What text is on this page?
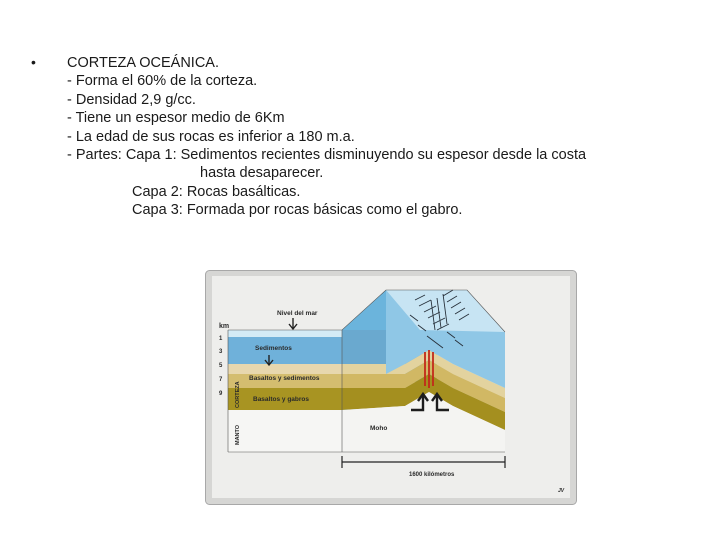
• CORTEZA OCEÁNICA.
- Forma el 60% de la corteza.
- Densidad 2,9 g/cc.
- Tiene un espesor medio de 6Km
- La edad de sus rocas es inferior a 180 m.a.
- Partes: Capa 1: Sedimentos recientes disminuyendo su espesor desde la costa
hasta desaparecer.
Capa 2: Rocas basálticas.
Capa 3: Formada por rocas básicas como el gabro.
km
1
3
5
7
9
Nivel del mar
Sedimentos
Basaltos y sedimentos
Basaltos y gabros
CORTEZA
MANTO	Moho
1600 kilómetros
JV
